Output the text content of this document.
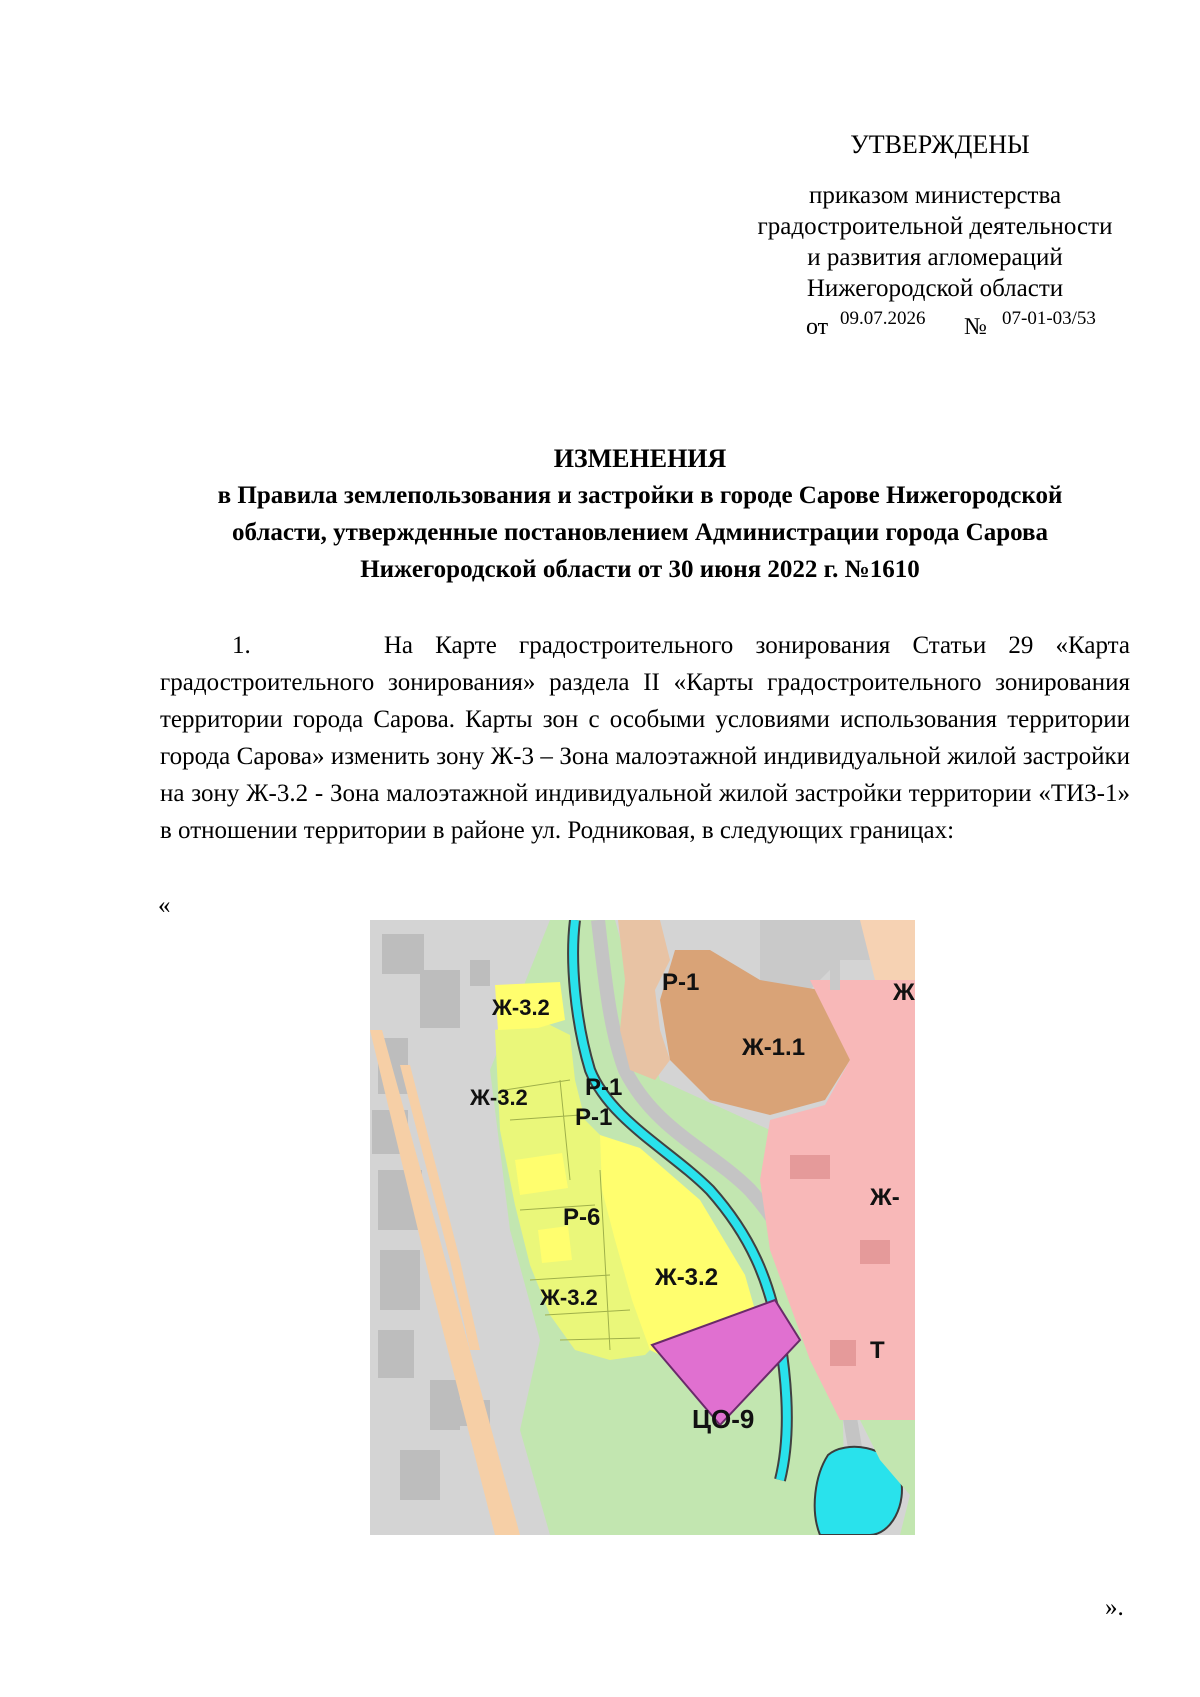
УТВЕРЖДЕНЫ
приказом министерства
градостроительной деятельности
и развития агломераций
Нижегородской области
от 09.07.2026 № 07-01-03/53
ИЗМЕНЕНИЯ
в Правила землепользования и застройки в городе Сарове Нижегородской
области, утвержденные постановлением Администрации города Сарова
Нижегородской области от 30 июня 2022 г. №1610
1.      На Карте градостроительного зонирования Статьи 29 «Карта градостроительного зонирования» раздела II «Карты градостроительного зонирования территории города Сарова. Карты зон с особыми условиями использования территории города Сарова» изменить зону Ж-3 – Зона малоэтажной индивидуальной жилой застройки на зону Ж-3.2 - Зона малоэтажной индивидуальной жилой застройки территории «ТИЗ-1» в отношении территории в районе ул. Родниковая, в следующих границах:
«
Ж-3.2
Р-1
Ж-1.1
Ж
Ж-3.2 Р-1
Р-1
Ж-
Р-6
Ж-3.2
Ж-3.2
Т
ЦО-9
».
